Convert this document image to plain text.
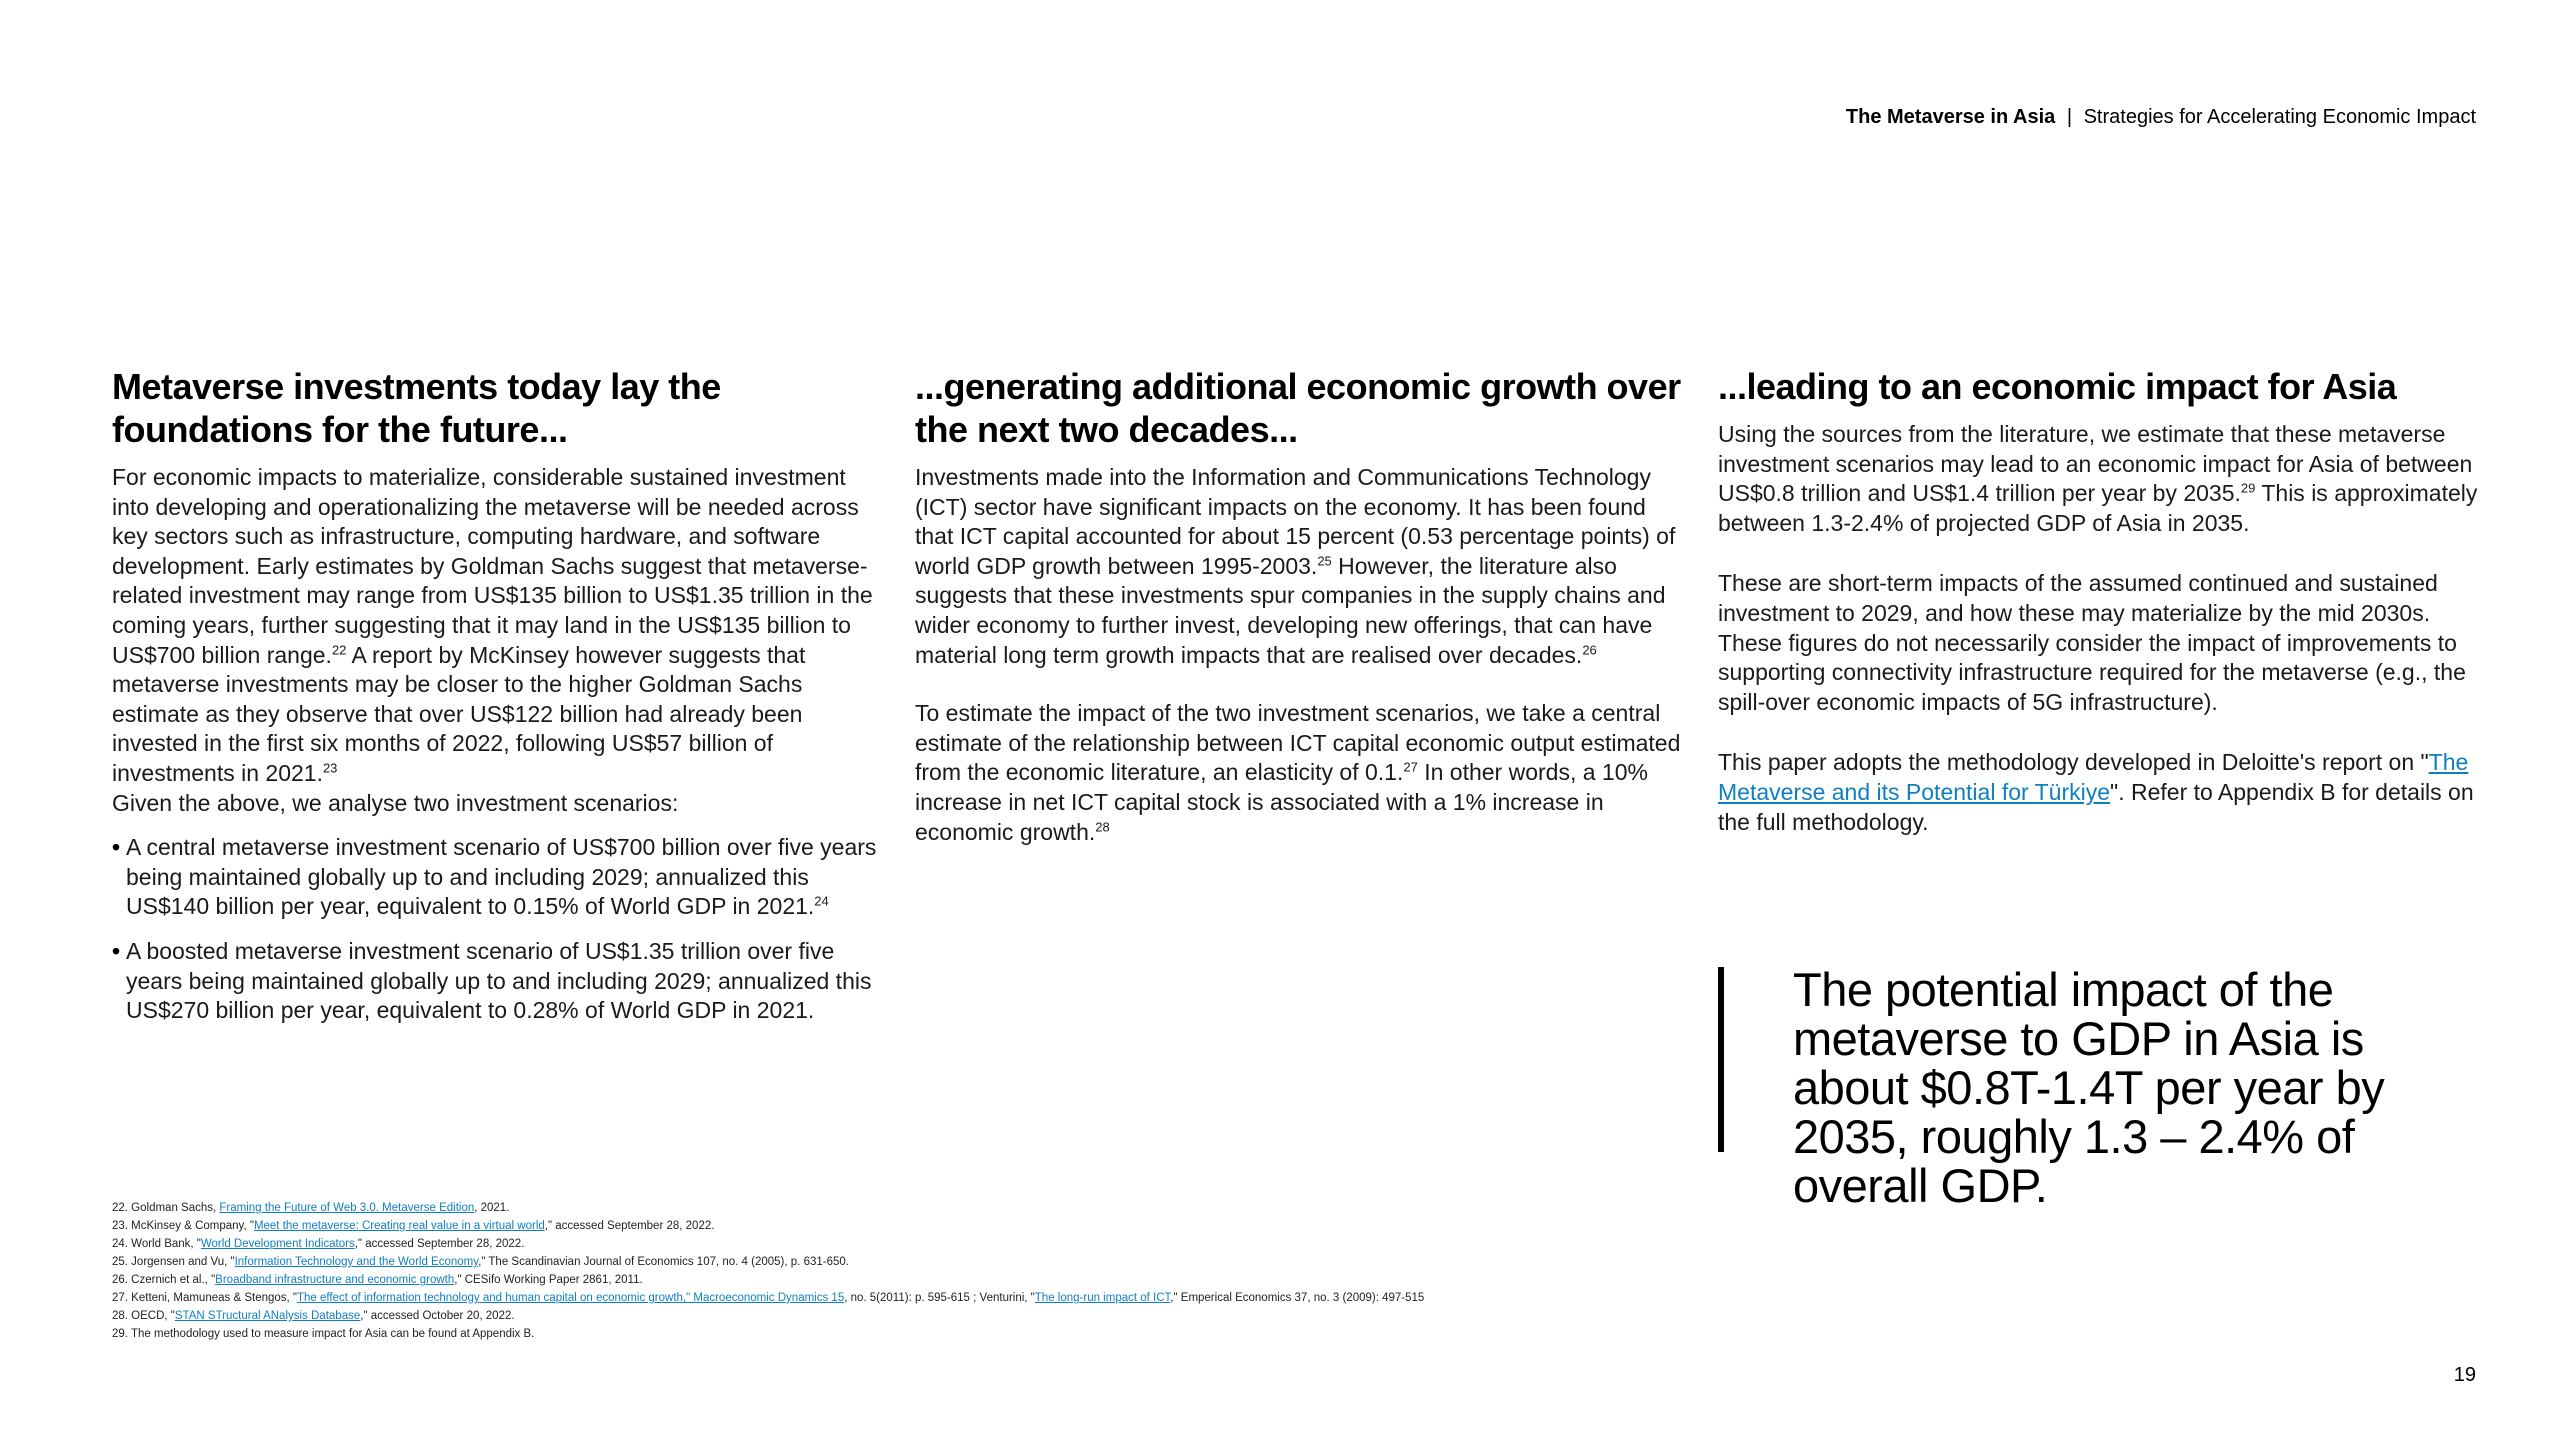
The Metaverse in Asia | Strategies for Accelerating Economic Impact
Metaverse investments today lay the foundations for the future...

For economic impacts to materialize, considerable sustained investment into developing and operationalizing the metaverse will be needed across key sectors such as infrastructure, computing hardware, and software development. Early estimates by Goldman Sachs suggest that metaverse-related investment may range from US$135 billion to US$1.35 trillion in the coming years, further suggesting that it may land in the US$135 billion to US$700 billion range.$^{22}$ A report by McKinsey however suggests that metaverse investments may be closer to the higher Goldman Sachs estimate as they observe that over US$122 billion had already been invested in the first six months of 2022, following US$57 billion of investments in 2021.23
Given the above, we analyse two investment scenarios:

• A central metaverse investment scenario of US$700 billion over five years being maintained globally up to and including 2029; annualized this US$140 billion per year, equivalent to 0.15% of World GDP in 2021.24
• A boosted metaverse investment scenario of US$1.35 trillion over five years being maintained globally up to and including 2029; annualized this US$270 billion per year, equivalent to 0.28% of World GDP in 2021.
...generating additional economic growth over the next two decades...

Investments made into the Information and Communications Technology (ICT) sector have significant impacts on the economy. It has been found that ICT capital accounted for about 15 percent (0.53 percentage points) of world GDP growth between 1995-2003.25 However, the literature also suggests that these investments spur companies in the supply chains and wider economy to further invest, developing new offerings, that can have material long term growth impacts that are realised over decades.$^{26}$

To estimate the impact of the two investment scenarios, we take a central estimate of the relationship between ICT capital economic output estimated from the economic literature, an elasticity of 0.1.27 In other words, a 10% increase in net ICT capital stock is associated with a 1% increase in economic growth.$^{28}$

...leading to an economic impact for Asia

Using the sources from the literature, we estimate that these metaverse investment scenarios may lead to an economic impact for Asia of between US$0.8 trillion and US$1.4 trillion per year by 2035.29 This is approximately between 1.3-2.4% of projected GDP of Asia in 2035.

These are short-term impacts of the assumed continued and sustained investment to 2029, and how these may materialize by the mid 2030s. These figures do not necessarily consider the impact of improvements to supporting connectivity infrastructure required for the metaverse (e.g., the spill-over economic impacts of 5G infrastructure).

This paper adopts the methodology developed in Deloitte's report on "The Metaverse and its Potential for Türkiye". Refer to Appendix B for details on the full methodology.

The potential impact of the metaverse to GDP in Asia is about $0.8T-1.4T per year by 2035, roughly 1.3 – 2.4% of overall GDP.
22. Goldman Sachs, Framing the Future of Web 3.0. Metaverse Edition, 2021.
23. McKinsey & Company, "Meet the metaverse: Creating real value in a virtual world," accessed September 28, 2022.
24. World Bank, "World Development Indicators," accessed September 28, 2022.
25. Jorgensen and Vu, "Information Technology and the World Economy," The Scandinavian Journal of Economics 107, no. 4 (2005), p. 631-650.
26. Czernich et al., "Broadband infrastructure and economic growth," CESifo Working Paper 2861, 2011.
27. Ketteni, Mamuneas & Stengos, "The effect of information technology and human capital on economic growth," Macroeconomic Dynamics 15, no. 5(2011): p. 595-615 ; Venturini, "The long-run impact of ICT," Emperical Economics 37, no. 3 (2009): 497-515
28. OECD, "STAN STructural ANalysis Database," accessed October 20, 2022.
29. The methodology used to measure impact for Asia can be found at Appendix B.
19
